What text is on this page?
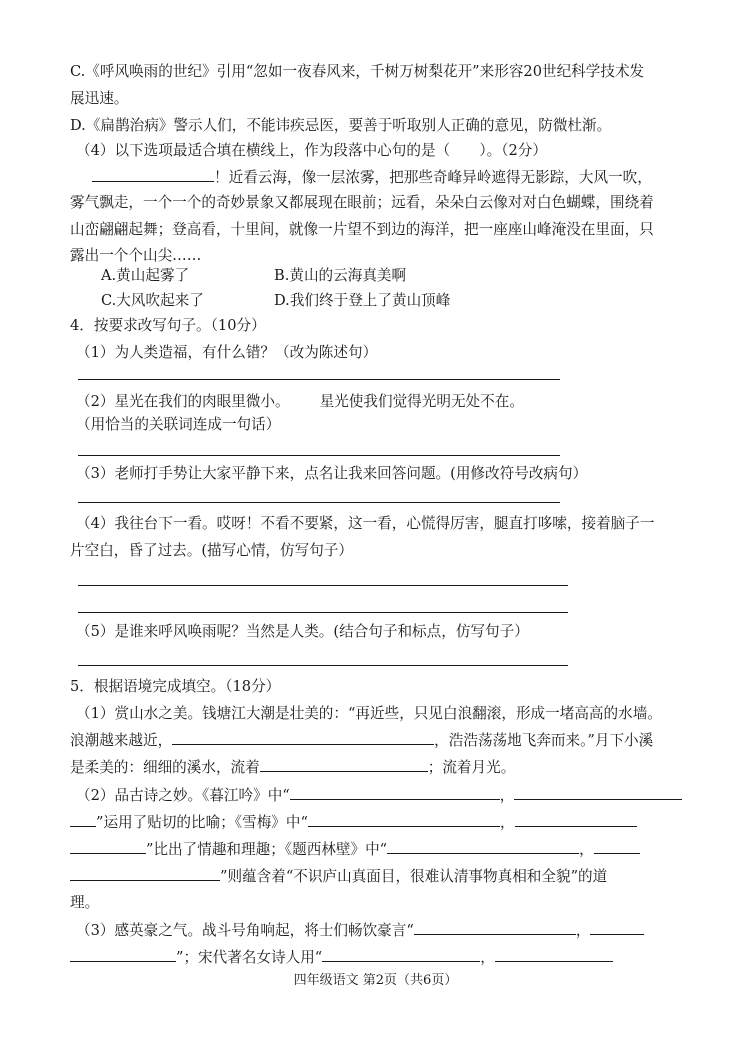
C.《呼风唤雨的世纪》引用“忽如一夜春风来，千树万树梨花开”来形容20世纪科学技术发
展迅速。
D.《扁鹊治病》警示人们，不能讳疾忌医，要善于听取别人正确的意见，防微杜渐。
（4）以下选项最适合填在横线上，作为段落中心句的是（　　）。（2分）
！近看云海，像一层浓雾，把那些奇峰异岭遮得无影踪，大风一吹，
雾气飘走，一个一个的奇妙景象又都展现在眼前；远看，朵朵白云像对对白色蝴蝶，围绕着
山峦翩翩起舞；登高看，十里间，就像一片望不到边的海洋，把一座座山峰淹没在里面，只
露出一个个山尖……
A.黄山起雾了	B.黄山的云海真美啊
C.大风吹起来了	D.我们终于登上了黄山顶峰
4．按要求改写句子。（10分）
（1）为人类造福，有什么错？（改为陈述句）
（2）星光在我们的肉眼里微小。 星光使我们觉得光明无处不在。
（用恰当的关联词连成一句话）
（3）老师打手势让大家平静下来，点名让我来回答问题。(用修改符号改病句）
（4）我往台下一看。哎呀！不看不要紧，这一看，心慌得厉害，腿直打哆嗦，接着脑子一
片空白，昏了过去。(描写心情，仿写句子）
（5）是谁来呼风唤雨呢？当然是人类。(结合句子和标点，仿写句子）
5．根据语境完成填空。（18分）
（1）赏山水之美。钱塘江大潮是壮美的：“再近些，只见白浪翻滚，形成一堵高高的水墙。
浪潮越来越近，	，浩浩荡荡地飞奔而来。”月下小溪
是柔美的：细细的溪水，流着	；流着月光。
（2）品古诗之妙。《暮江吟》中“	，
”运用了贴切的比喻；《雪梅》中“	，
”比出了情趣和理趣；《题西林壁》中“	，
”则蕴含着“不识庐山真面目，很难认清事物真相和全貌”的道
理。
（3）感英豪之气。战斗号角响起，将士们畅饮豪言“	，
”；宋代著名女诗人用“	，
四年级语文 第2页（共6页）
